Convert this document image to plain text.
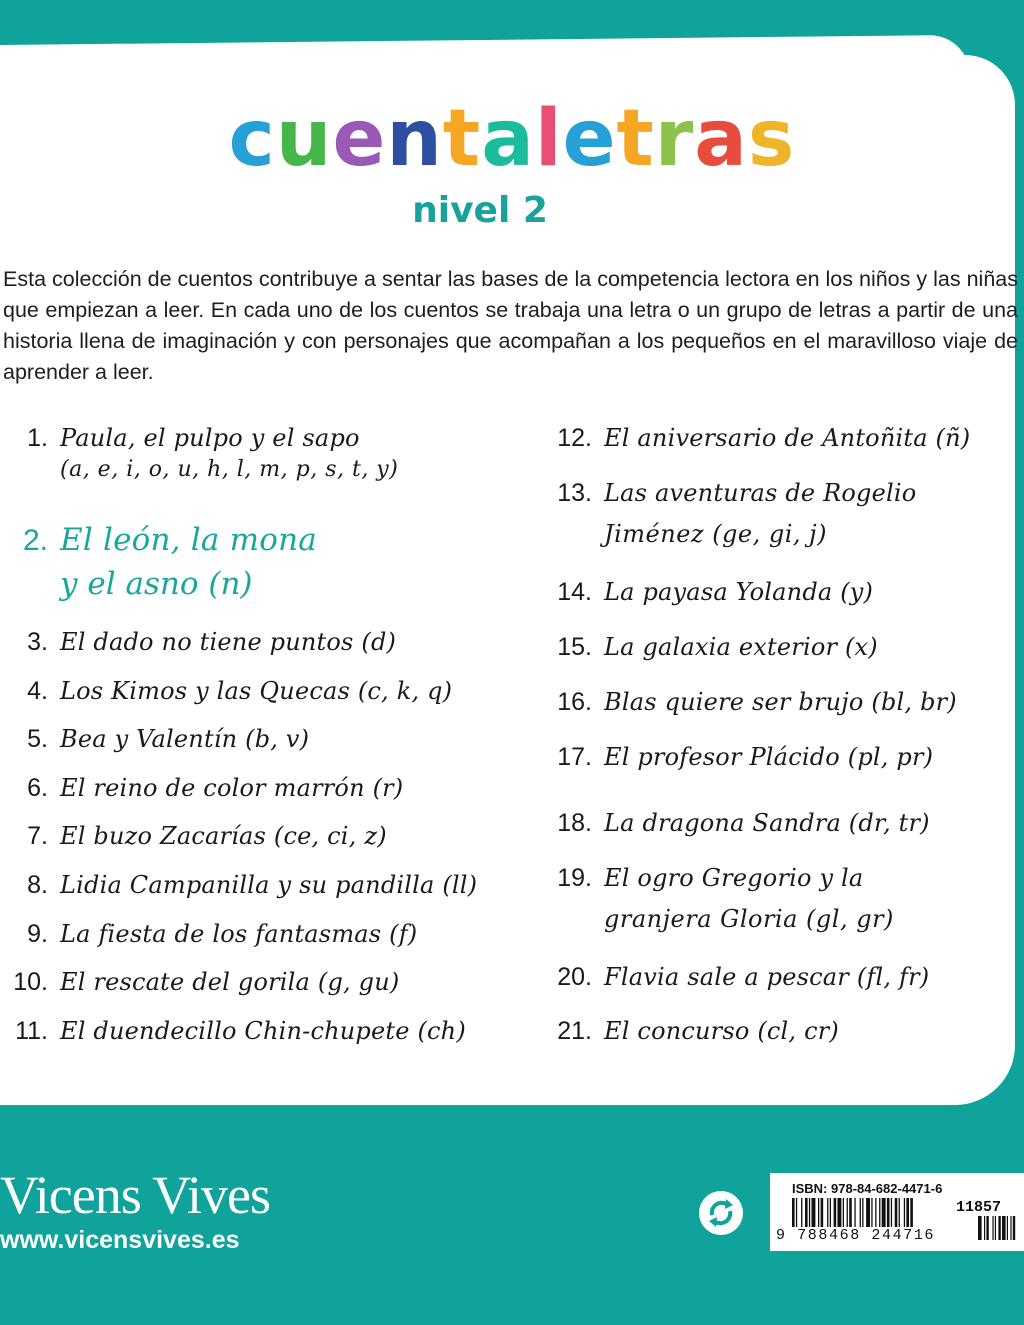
cuentaletras
nivel 2

Esta colección de cuentos contribuye a sentar las bases de la competencia lectora en los niños y las niñas que empiezan a leer. En cada uno de los cuentos se trabaja una letra o un grupo de letras a partir de una historia llena de imaginación y con personajes que acompañan a los pequeños en el maravilloso viaje de aprender a leer.

1. Paula, el pulpo y el sapo
(a, e, i, o, u, h, l, m, p, s, t, y)
2. El león, la mona
y el asno (n)
3. El dado no tiene puntos (d)
4. Los Kimos y las Quecas (c, k, q)
5. Bea y Valentín (b, v)
6. El reino de color marrón (r)
7. El buzo Zacarías (ce, ci, z)
8. Lidia Campanilla y su pandilla (ll)
9. La fiesta de los fantasmas (f)
10. El rescate del gorila (g, gu)
11. El duendecillo Chin-chupete (ch)
12. El aniversario de Antoñita (ñ)
13. Las aventuras de Rogelio
Jiménez (ge, gi, j)
14. La payasa Yolanda (y)
15. La galaxia exterior (x)
16. Blas quiere ser brujo (bl, br)
17. El profesor Plácido (pl, pr)
18. La dragona Sandra (dr, tr)
19. El ogro Gregorio y la
granjera Gloria (gl, gr)
20. Flavia sale a pescar (fl, fr)
21. El concurso (cl, cr)
Vicens Vives
www.vicensvives.es
ISBN: 978-84-682-4471-6
9 788468 244716
11857
